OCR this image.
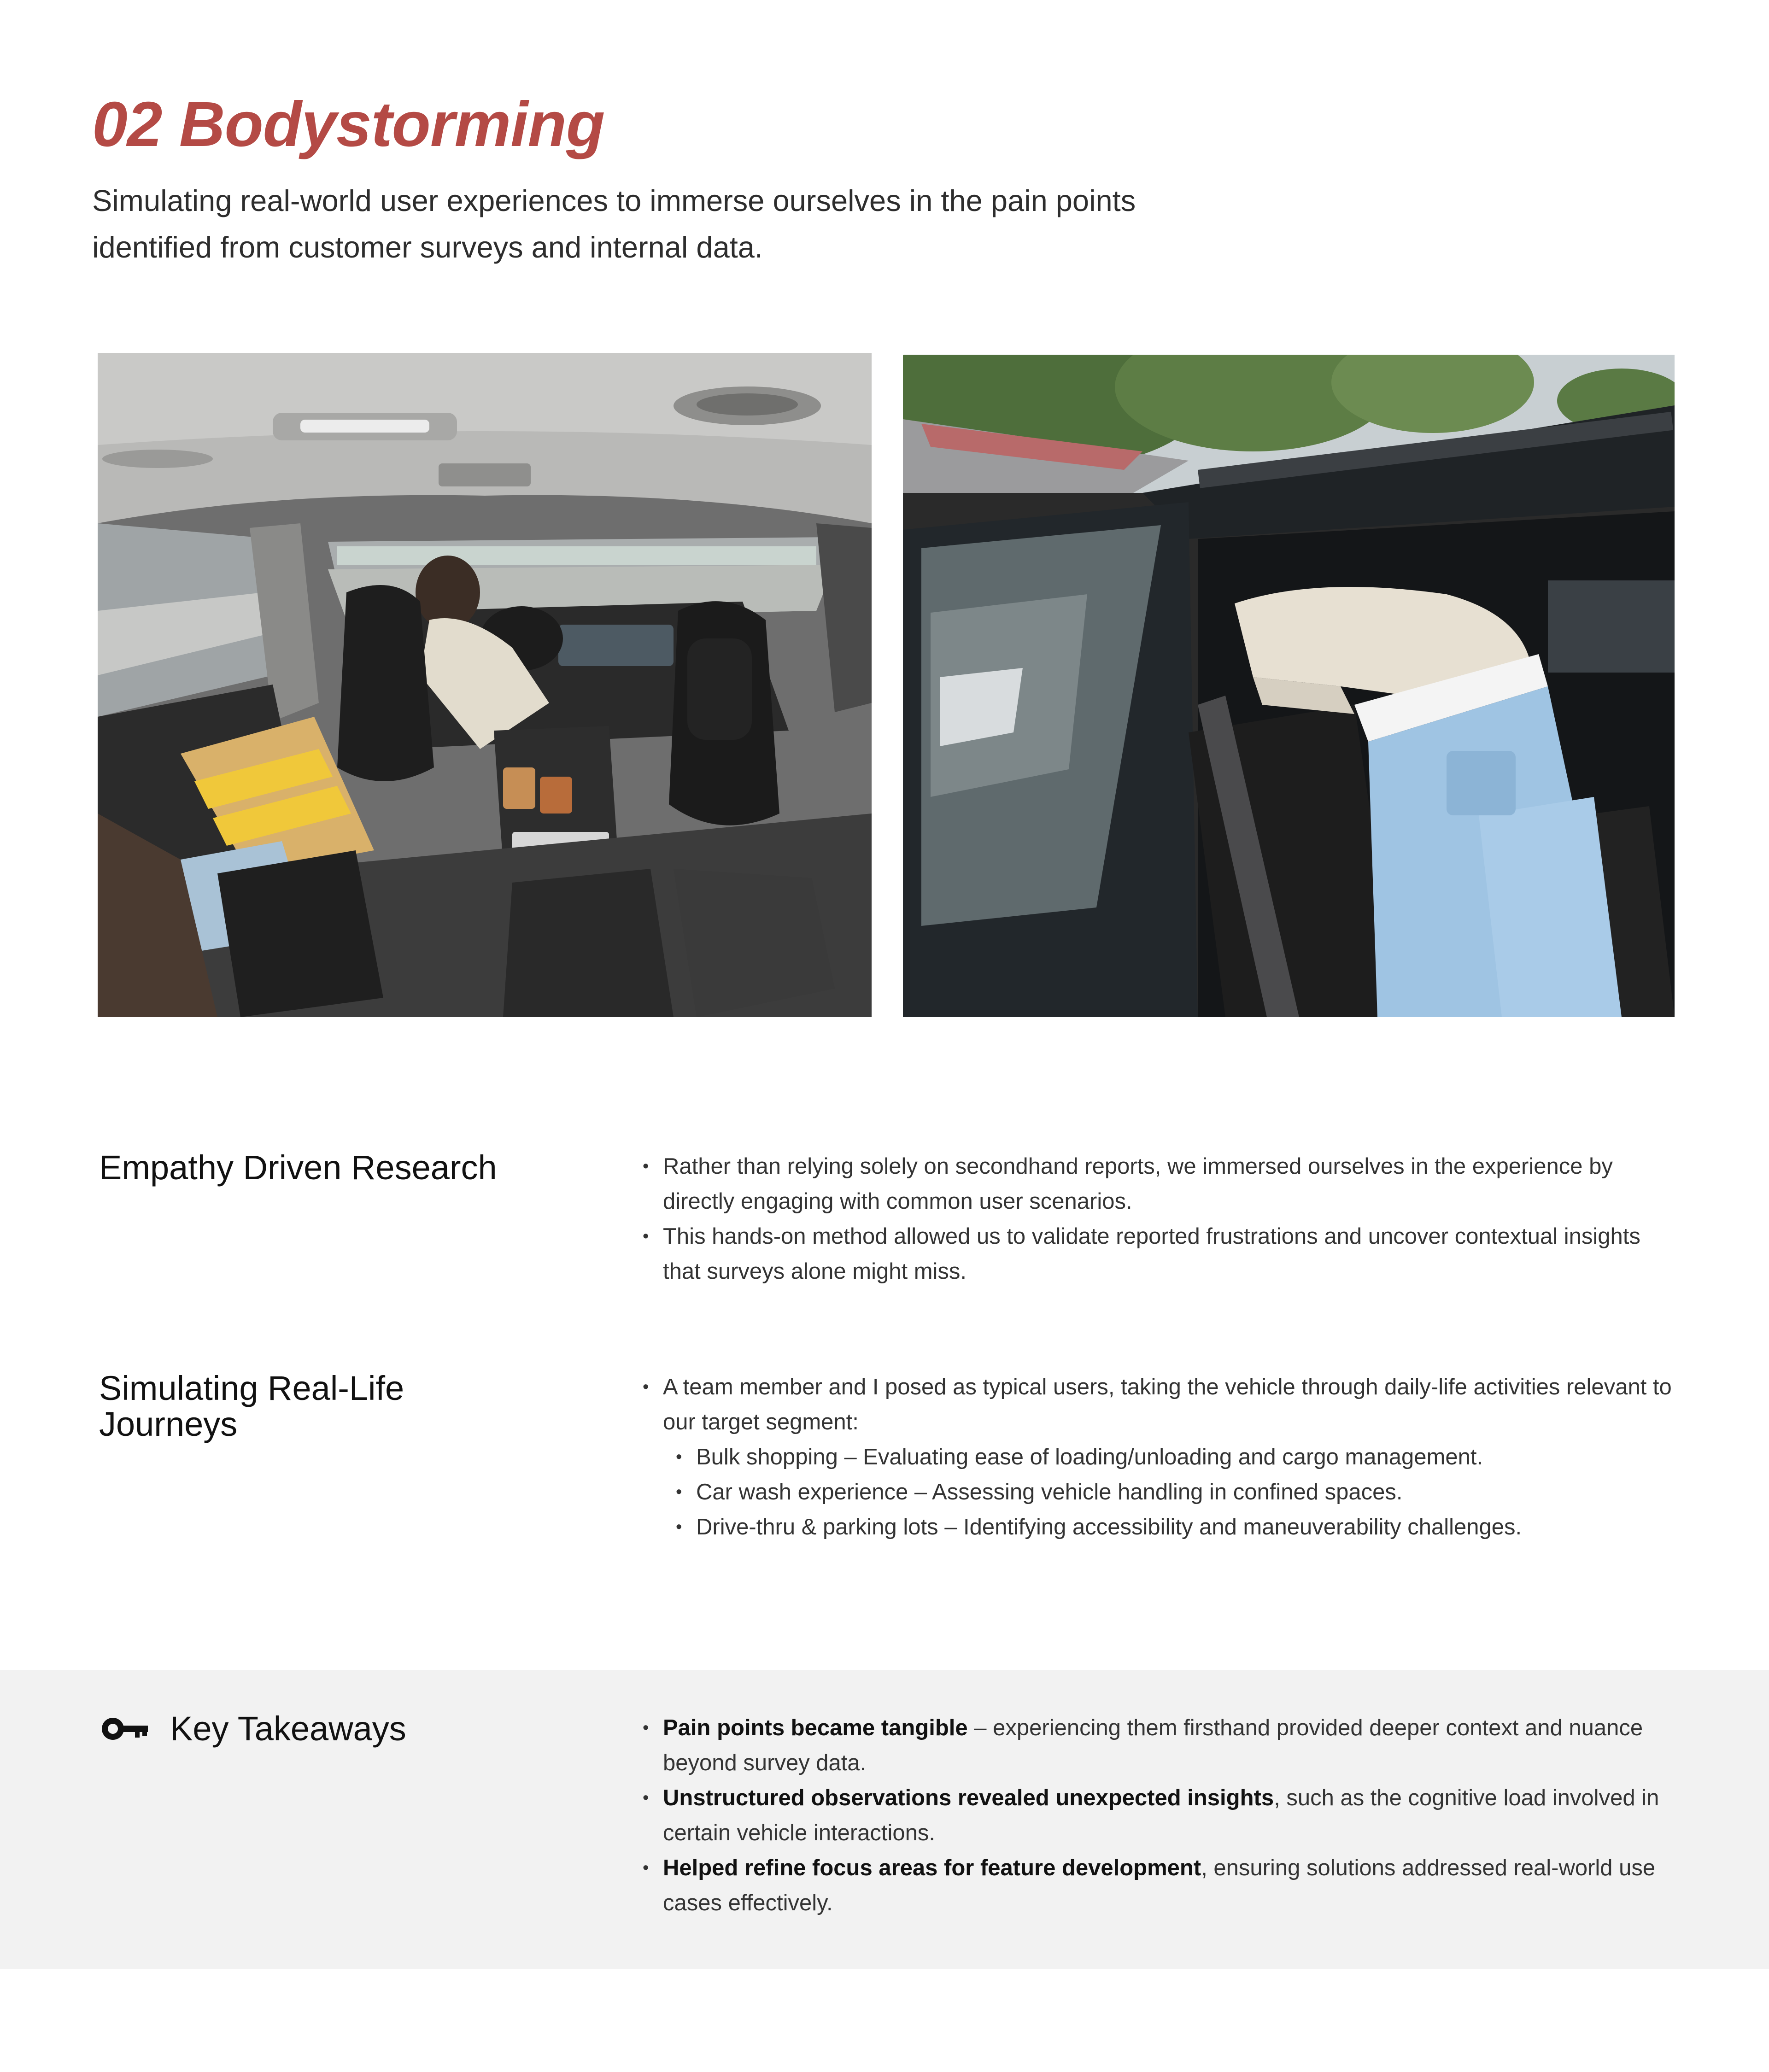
02 Bodystorming

Simulating real-world user experiences to immerse ourselves in the pain points identified from customer surveys and internal data.

Empathy Driven Research	• Rather than relying solely on secondhand reports, we immersed ourselves in the experience by directly engaging with common user scenarios.
• This hands-on method allowed us to validate reported frustrations and uncover contextual insights that surveys alone might miss.
Simulating Real-Life Journeys
• A team member and I posed as typical users, taking the vehicle through daily-life activities relevant to our target segment:
• Bulk shopping – Evaluating ease of loading/unloading and cargo management.
• Car wash experience – Assessing vehicle handling in confined spaces.
• Drive-thru & parking lots – Identifying accessibility and maneuverability challenges.
Key Takeaways	• Pain points became tangible – experiencing them firsthand provided deeper context and nuance beyond survey data.
• Unstructured observations revealed unexpected insights, such as the cognitive load involved in certain vehicle interactions.
• Helped refine focus areas for feature development, ensuring solutions addressed real-world use cases effectively.
